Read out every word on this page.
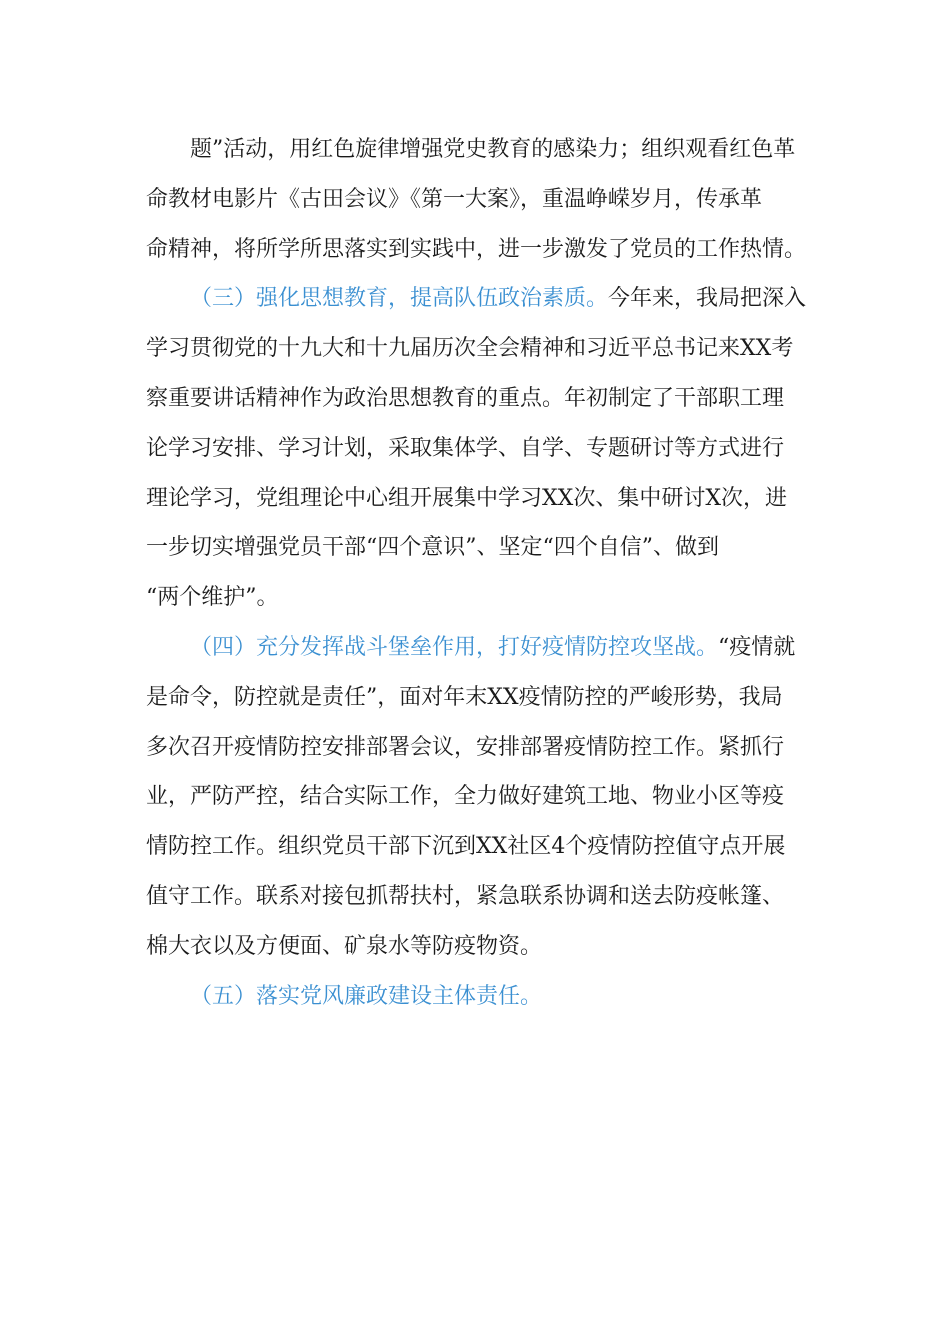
题”活动，用红色旋律增强党史教育的感染力；组织观看红色革
命教材电影片《古田会议》《第一大案》，重温峥嵘岁月，传承革
命精神，将所学所思落实到实践中，进一步激发了党员的工作热情。
（三）强化思想教育，提高队伍政治素质。今年来，我局把深入
学习贯彻党的十九大和十九届历次全会精神和习近平总书记来XX考
察重要讲话精神作为政治思想教育的重点。年初制定了干部职工理
论学习安排、学习计划，采取集体学、自学、专题研讨等方式进行
理论学习，党组理论中心组开展集中学习XX次、集中研讨X次，进
一步切实增强党员干部“四个意识”、坚定“四个自信”、做到
“两个维护”。
（四）充分发挥战斗堡垒作用，打好疫情防控攻坚战。“疫情就
是命令，防控就是责任”，面对年末XX疫情防控的严峻形势，我局
多次召开疫情防控安排部署会议，安排部署疫情防控工作。紧抓行
业，严防严控，结合实际工作，全力做好建筑工地、物业小区等疫
情防控工作。组织党员干部下沉到XX社区4个疫情防控值守点开展
值守工作。联系对接包抓帮扶村，紧急联系协调和送去防疫帐篷、
棉大衣以及方便面、矿泉水等防疫物资。
（五）落实党风廉政建设主体责任。
